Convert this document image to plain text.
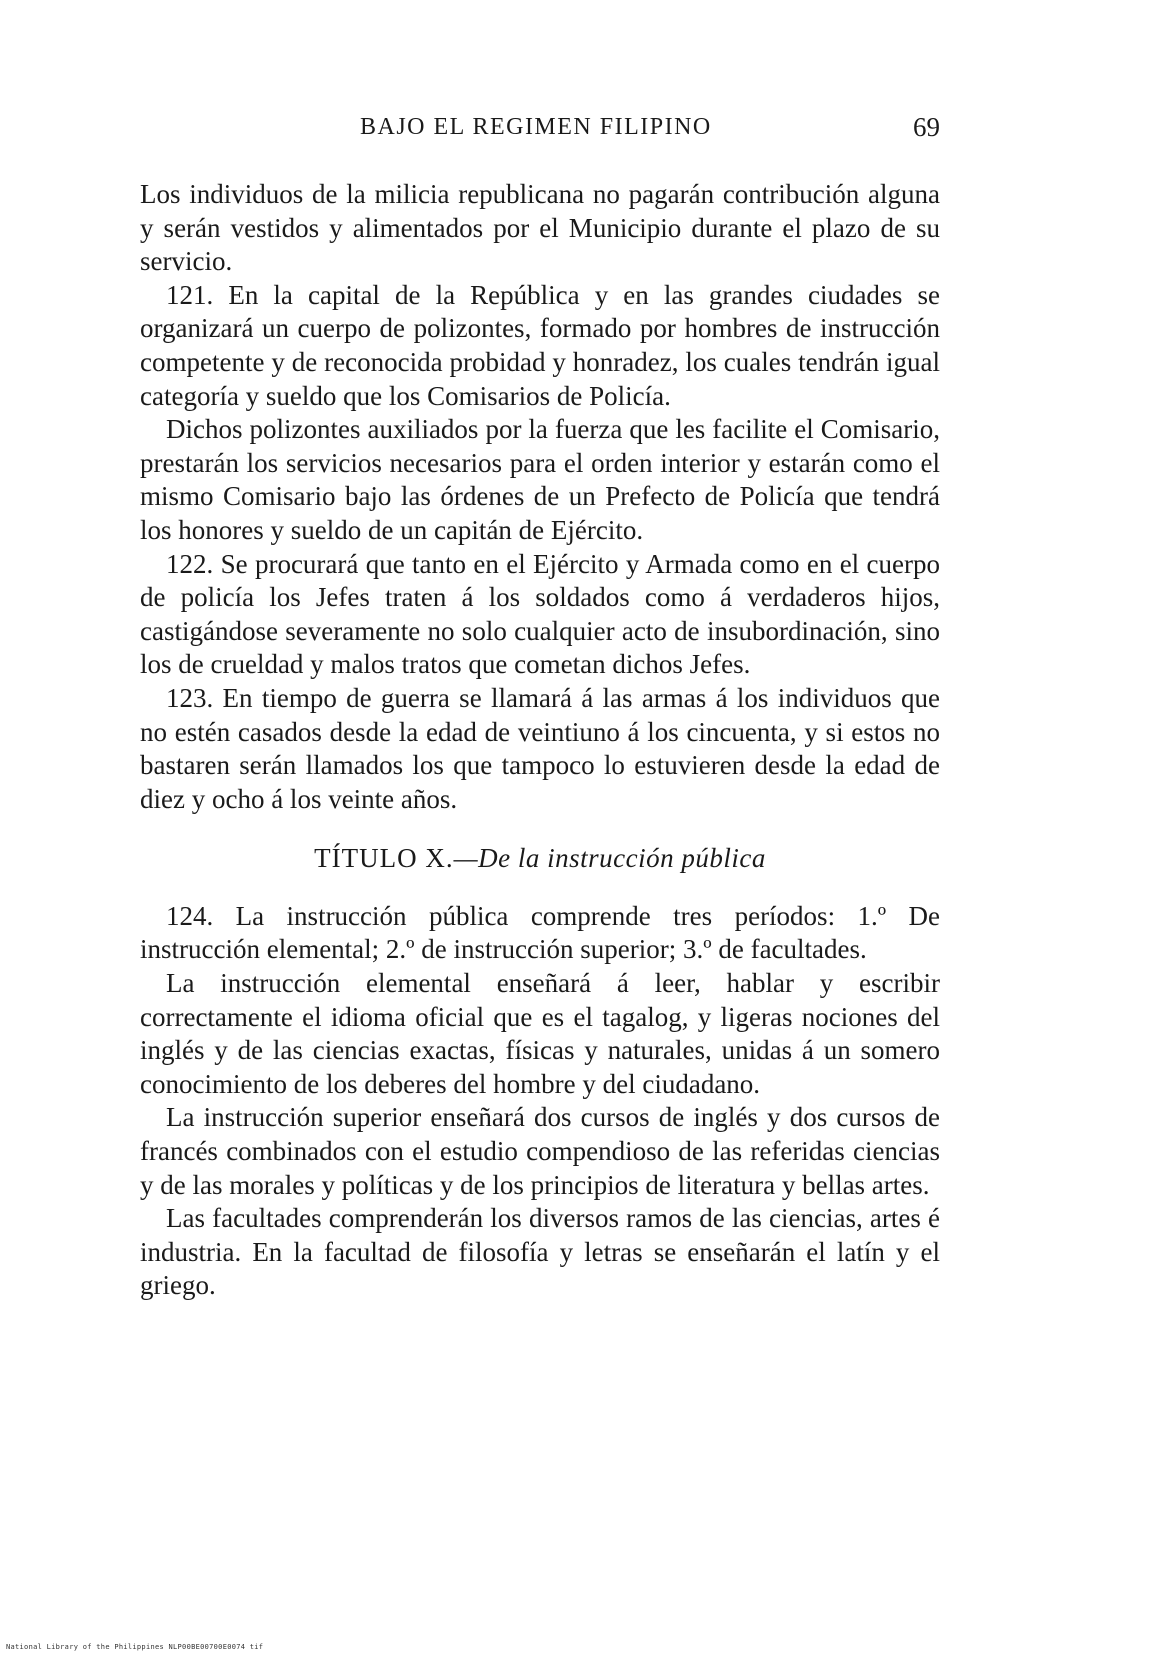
BAJO EL REGIMEN FILIPINO	69

Los individuos de la milicia republicana no pagarán contribución alguna y serán vestidos y alimentados por el Municipio durante el plazo de su servicio.

121. En la capital de la República y en las grandes ciudades se organizará un cuerpo de polizontes, formado por hombres de instrucción competente y de reconocida probidad y honradez, los cuales tendrán igual categoría y sueldo que los Comisarios de Policía.

Dichos polizontes auxiliados por la fuerza que les facilite el Comisario, prestarán los servicios necesarios para el orden interior y estarán como el mismo Comisario bajo las órdenes de un Prefecto de Policía que tendrá los honores y sueldo de un capitán de Ejército.

122. Se procurará que tanto en el Ejército y Armada como en el cuerpo de policía los Jefes traten á los soldados como á verdaderos hijos, castigándose severamente no solo cualquier acto de insubordinación, sino los de crueldad y malos tratos que cometan dichos Jefes.

123. En tiempo de guerra se llamará á las armas á los individuos que no estén casados desde la edad de veintiuno á los cincuenta, y si estos no bastaren serán llamados los que tampoco lo estuvieren desde la edad de diez y ocho á los veinte años.

TÍTULO X.—De la instrucción pública

124. La instrucción pública comprende tres períodos: 1.º De instrucción elemental; 2.º de instrucción superior; 3.º de facultades.

La instrucción elemental enseñará á leer, hablar y escribir correctamente el idioma oficial que es el tagalog, y ligeras nociones del inglés y de las ciencias exactas, físicas y naturales, unidas á un somero conocimiento de los deberes del hombre y del ciudadano.

La instrucción superior enseñará dos cursos de inglés y dos cursos de francés combinados con el estudio compendioso de las referidas ciencias y de las morales y políticas y de los principios de literatura y bellas artes.

Las facultades comprenderán los diversos ramos de las ciencias, artes é industria. En la facultad de filosofía y letras se enseñarán el latín y el griego.

National Library of the Philippines NLP00BE00700E0074 tif
